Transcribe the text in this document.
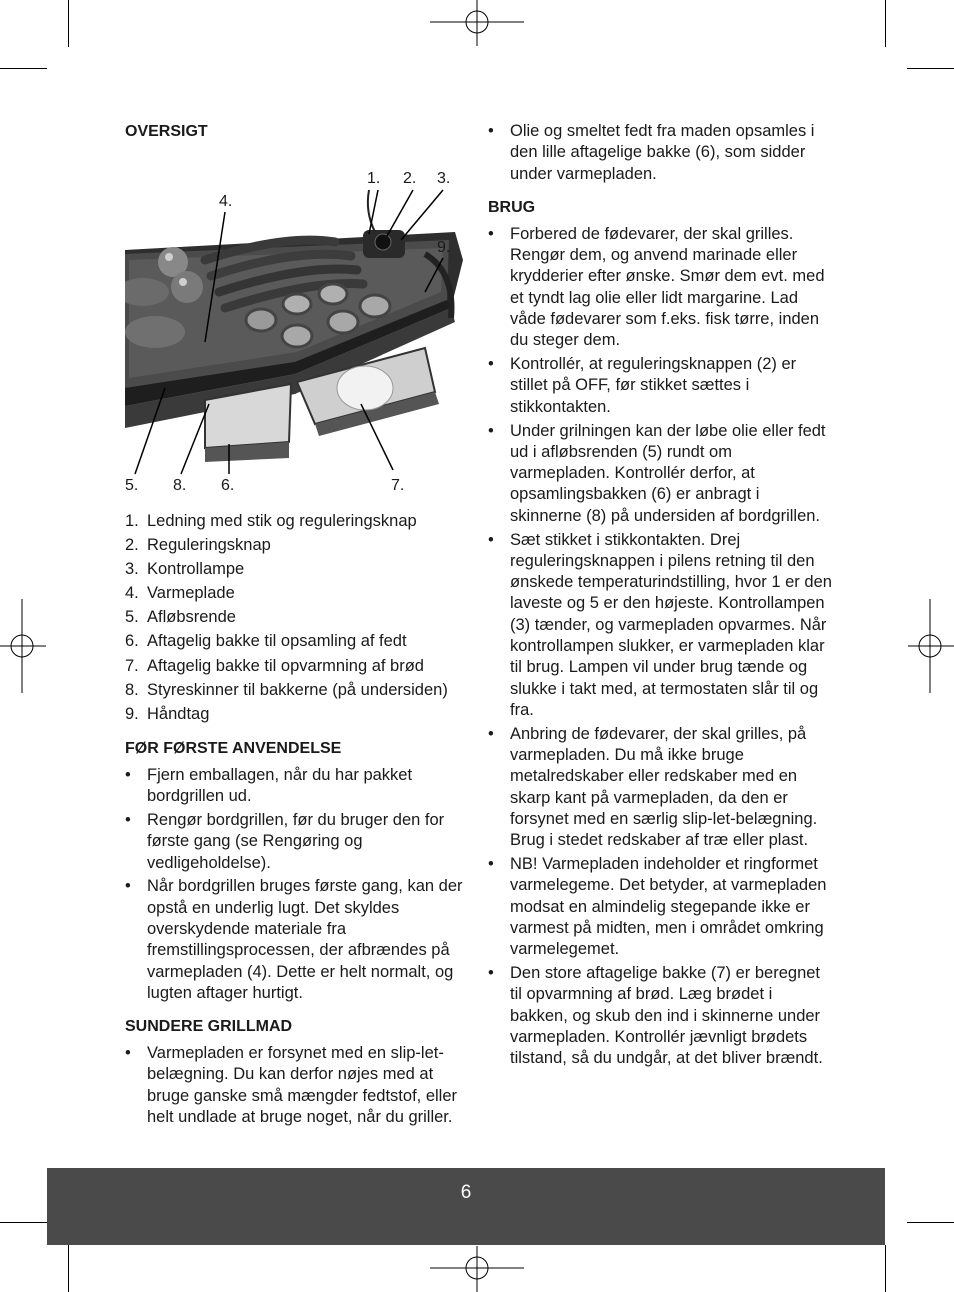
OVERSIGT
1. 2. 3.
4.
9.
5. 8. 6.	7.
1. Ledning med stik og reguleringsknap
2. Reguleringsknap
3. Kontrollampe
4. Varmeplade
5. Afløbsrende
6. Aftagelig bakke til opsamling af fedt
7. Aftagelig bakke til opvarmning af brød
8. Styreskinner til bakkerne (på undersiden)
9. Håndtag
FØR FØRSTE ANVENDELSE
• Fjern emballagen, når du har pakket bordgrillen ud.
• Rengør bordgrillen, før du bruger den for første gang (se Rengøring og vedligeholdelse).
• Når bordgrillen bruges første gang, kan der opstå en underlig lugt. Det skyldes overskydende materiale fra fremstillingsprocessen, der afbrændes på varmepladen (4). Dette er helt normalt, og lugten aftager hurtigt.
SUNDERE GRILLMAD
• Varmepladen er forsynet med en slip-let-belægning. Du kan derfor nøjes med at bruge ganske små mængder fedtstof, eller helt undlade at bruge noget, når du griller.
• Olie og smeltet fedt fra maden opsamles i den lille aftagelige bakke (6), som sidder under varmepladen.
BRUG
• Forbered de fødevarer, der skal grilles. Rengør dem, og anvend marinade eller krydderier efter ønske. Smør dem evt. med et tyndt lag olie eller lidt margarine. Lad våde fødevarer som f.eks. fisk tørre, inden du steger dem.
• Kontrollér, at reguleringsknappen (2) er stillet på OFF, før stikket sættes i stikkontakten.
• Under grilningen kan der løbe olie eller fedt ud i afløbsrenden (5) rundt om varmepladen. Kontrollér derfor, at opsamlingsbakken (6) er anbragt i skinnerne (8) på undersiden af bordgrillen.
• Sæt stikket i stikkontakten. Drej reguleringsknappen i pilens retning til den ønskede temperaturindstilling, hvor 1 er den laveste og 5 er den højeste. Kontrollampen (3) tænder, og varmepladen opvarmes. Når kontrollampen slukker, er varmepladen klar til brug. Lampen vil under brug tænde og slukke i takt med, at termostaten slår til og fra.
• Anbring de fødevarer, der skal grilles, på varmepladen. Du må ikke bruge metalredskaber eller redskaber med en skarp kant på varmepladen, da den er forsynet med en særlig slip-let-belægning. Brug i stedet redskaber af træ eller plast.
• NB! Varmepladen indeholder et ringformet varmelegeme. Det betyder, at varmepladen modsat en almindelig stegepande ikke er varmest på midten, men i området omkring varmelegemet.
• Den store aftagelige bakke (7) er beregnet til opvarmning af brød. Læg brødet i bakken, og skub den ind i skinnerne under varmepladen. Kontrollér jævnligt brødets tilstand, så du undgår, at det bliver brændt.
6
